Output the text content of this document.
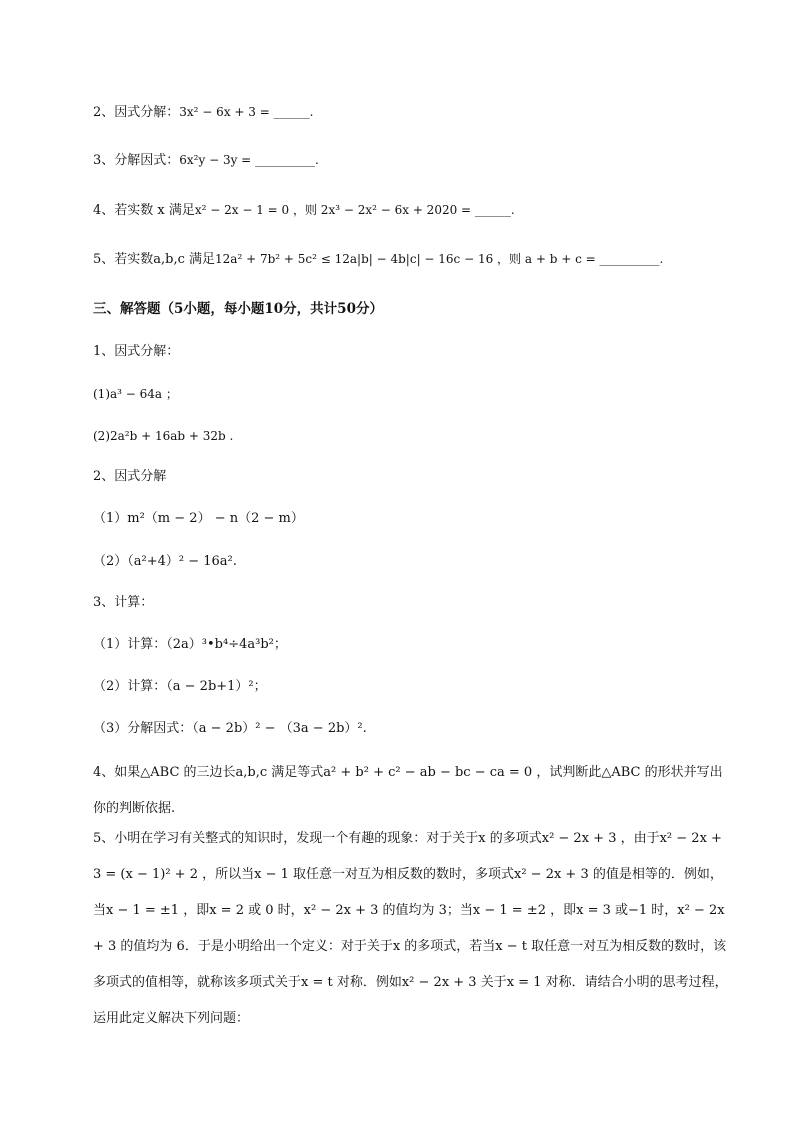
2、因式分解：3x² − 6x + 3 = ______.
3、分解因式：6x²y − 3y = __________.
4、若实数 x 满足x² − 2x − 1 = 0 ，则 2x³ − 2x² − 6x + 2020 = ______.
5、若实数a,b,c 满足12a² + 7b² + 5c² ≤ 12a|b| − 4b|c| − 16c − 16 ，则 a + b + c = __________.
三、解答题（5小题，每小题10分，共计50分）
1、因式分解：
(1)a³ − 64a ；
(2)2a²b + 16ab + 32b .
2、因式分解
（1）m²（m − 2） − n（2 − m）
（2）（a²+4）² − 16a².
3、计算：
（1）计算：（2a）³•b⁴÷4a³b²；
（2）计算：（a − 2b+1）²；
（3）分解因式：（a − 2b）² − （3a − 2b）².
4、如果△ABC 的三边长a,b,c 满足等式a² + b² + c² − ab − bc − ca = 0 ，试判断此△ABC 的形状并写出你的判断依据.
5、小明在学习有关整式的知识时，发现一个有趣的现象：对于关于x 的多项式x² − 2x + 3 ，由于x² − 2x + 3 = (x − 1)² + 2 ，所以当x − 1 取任意一对互为相反数的数时，多项式x² − 2x + 3 的值是相等的．例如，当x − 1 = ±1 ，即x = 2 或 0 时，x² − 2x + 3 的值均为 3；当x − 1 = ±2 ，即x = 3 或−1 时，x² − 2x + 3 的值均为 6．于是小明给出一个定义：对于关于x 的多项式，若当x − t 取任意一对互为相反数的数时，该多项式的值相等，就称该多项式关于x = t 对称．例如x² − 2x + 3 关于x = 1 对称．请结合小明的思考过程，运用此定义解决下列问题：
